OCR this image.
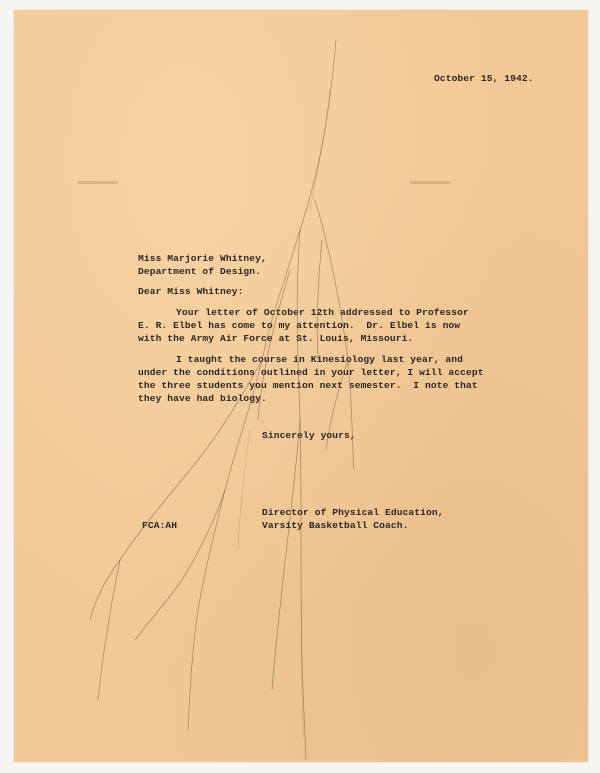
October 15, 1942.
Miss Marjorie Whitney,
Department of Design.
Dear Miss Whitney:
Your letter of October 12th addressed to Professor
E. R. Elbel has come to my attention.  Dr. Elbel is now
with the Army Air Force at St. Louis, Missouri.
I taught the course in Kinesiology last year, and
under the conditions outlined in your letter, I will accept
the three students you mention next semester.  I note that
they have had biology.
Sincerely yours,
Director of Physical Education,
Varsity Basketball Coach.
FCA:AH
